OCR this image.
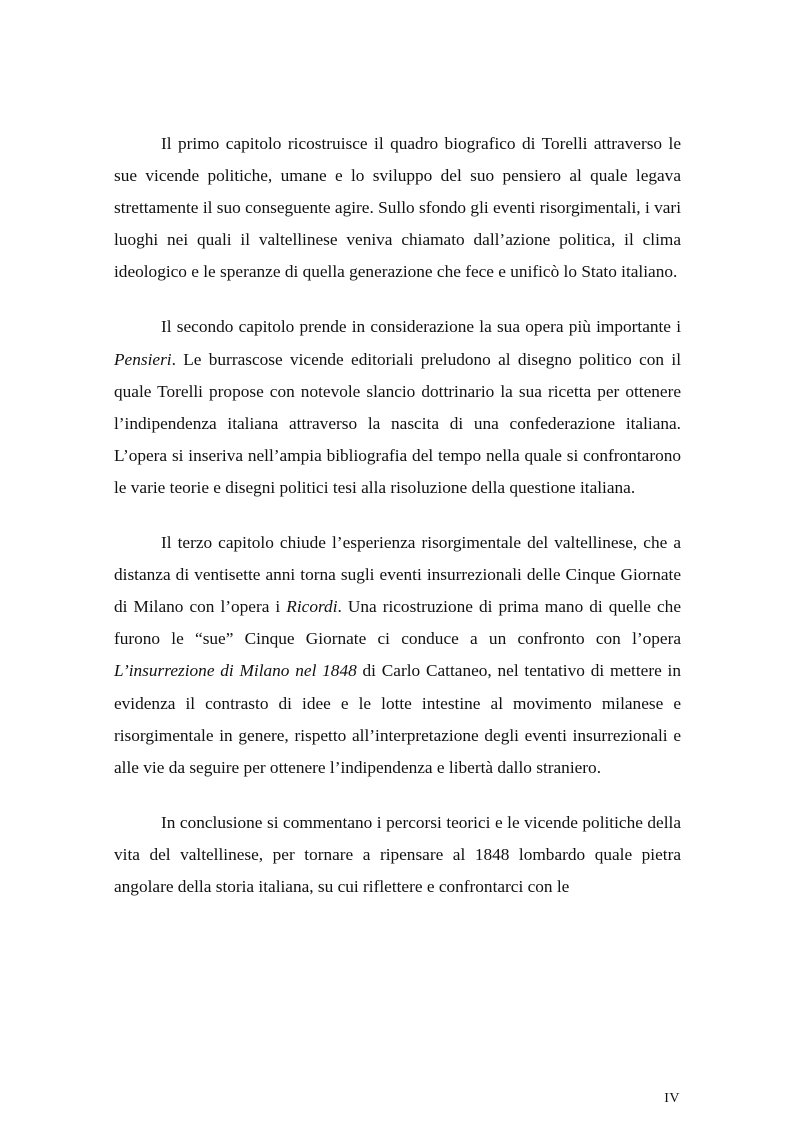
Il primo capitolo ricostruisce il quadro biografico di Torelli attraverso le sue vicende politiche, umane e lo sviluppo del suo pensiero al quale legava strettamente il suo conseguente agire. Sullo sfondo gli eventi risorgimentali, i vari luoghi nei quali il valtellinese veniva chiamato dall’azione politica, il clima ideologico e le speranze di quella generazione che fece e unificò lo Stato italiano.

Il secondo capitolo prende in considerazione la sua opera più importante i Pensieri. Le burrascose vicende editoriali preludono al disegno politico con il quale Torelli propose con notevole slancio dottrinario la sua ricetta per ottenere l’indipendenza italiana attraverso la nascita di una confederazione italiana. L’opera si inseriva nell’ampia bibliografia del tempo nella quale si confrontarono le varie teorie e disegni politici tesi alla risoluzione della questione italiana.

Il terzo capitolo chiude l’esperienza risorgimentale del valtellinese, che a distanza di ventisette anni torna sugli eventi insurrezionali delle Cinque Giornate di Milano con l’opera i Ricordi. Una ricostruzione di prima mano di quelle che furono le “sue” Cinque Giornate ci conduce a un confronto con l’opera L’insurrezione di Milano nel 1848 di Carlo Cattaneo, nel tentativo di mettere in evidenza il contrasto di idee e le lotte intestine al movimento milanese e risorgimentale in genere, rispetto all’interpretazione degli eventi insurrezionali e alle vie da seguire per ottenere l’indipendenza e libertà dallo straniero.

In conclusione si commentano i percorsi teorici e le vicende politiche della vita del valtellinese, per tornare a ripensare al 1848 lombardo quale pietra angolare della storia italiana, su cui riflettere e confrontarci con le

IV
